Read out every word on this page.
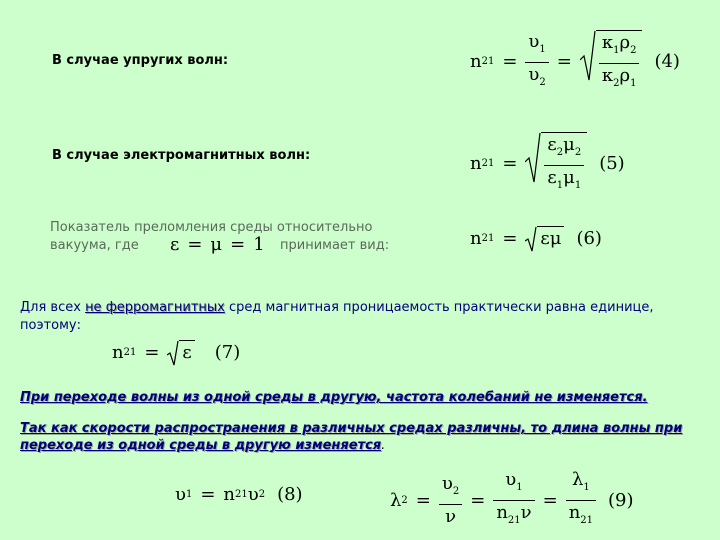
В случае упругих волн:
В случае электромагнитных волн:
Показатель преломления среды относительно
вакуума, где ε = μ = 1 принимает вид:
Для всех не ферромагнитных сред магнитная проницаемость практически равна единице,
поэтому:
При переходе волны из одной среды в другую, частота колебаний не изменяется.
Так как скорости распространения в различных средах различны, то длина волны при
переходе из одной среды в другую изменяется.
n $21 = \frac{\upsilon_1}{\upsilon_2} = \frac{\kappa_1\rho_2}{\kappa_2\rho_1} (4)$
n $21 = \frac{\varepsilon_2\mu_2}{\varepsilon_1\mu_1} (5)$
n 21 = εμ (6)
n 21 = ε (7)
υ 1 = n 21 υ 2 (8)	λ $2 = \frac{\upsilon_2}{\nu} = \frac{\upsilon_1}{n_{21}\nu} = \frac{\lambda_1}{n_{21}} (9)$
